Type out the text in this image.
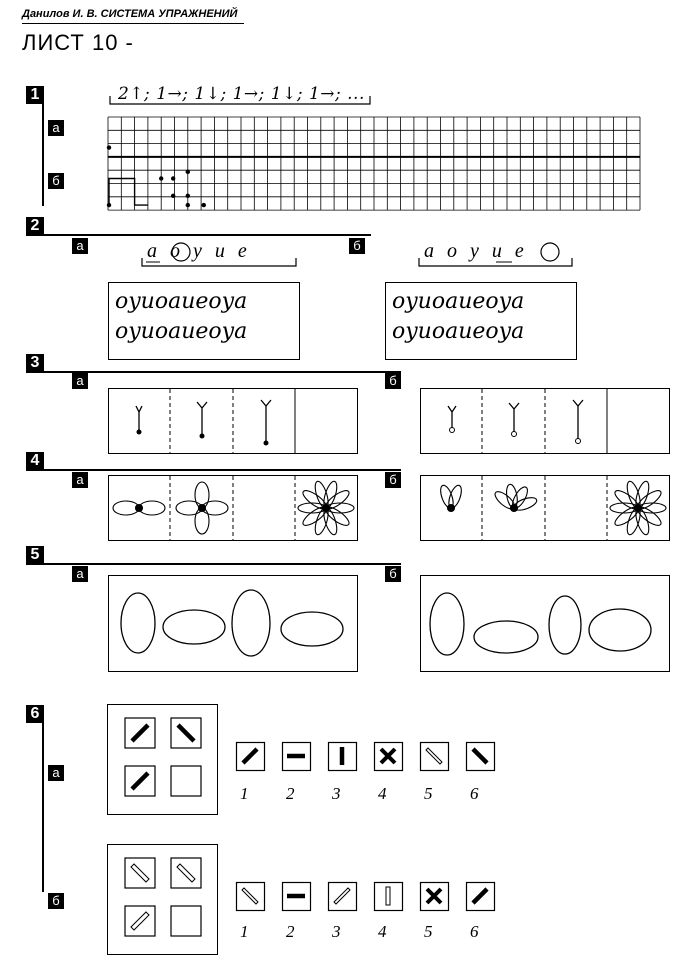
Данилов И. В. СИСТЕМА УПРАЖНЕНИЙ
ЛИСТ 10 -
1
а
б
2↑; 1→; 1↓; 1→; 1↓; 1→; ...
2
а	б
a o y u e	a o y u e
oyuoaueoya
oyuoaueoya
oyuoaueoya
oyuoaueoya
3
а	б
4
а	б
5
а	б
6
а
б
1 2 3 4 5 6
1 2 3 4 5 6
